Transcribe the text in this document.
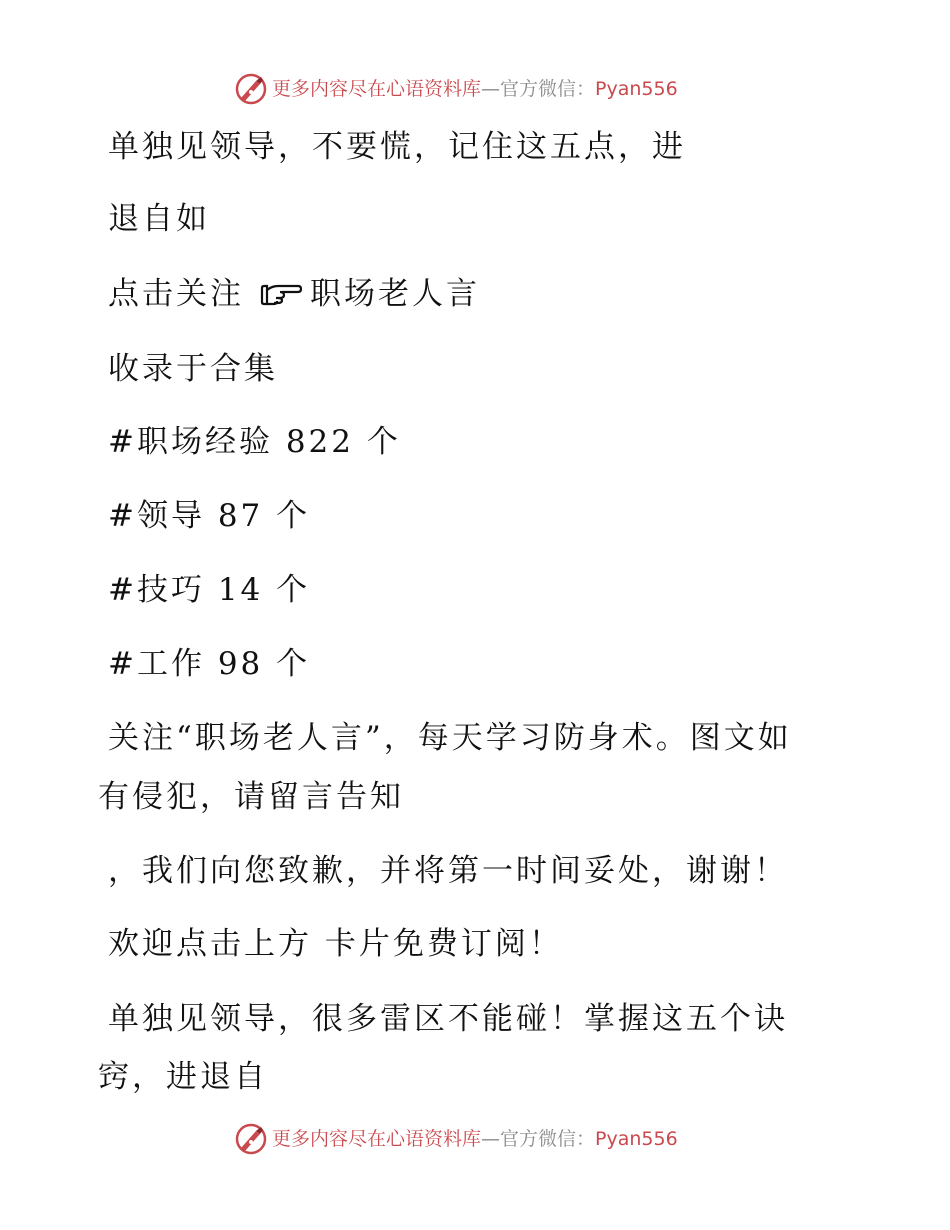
更多内容尽在心语资料库—官方微信：Pyan556
单独见领导，不要慌，记住这五点，进
退自如
点击关注 职场老人言
收录于合集
#职场经验 822 个
#领导 87 个
#技巧 14 个
#工作 98 个
关注“职场老人言”，每天学习防身术。图文如
有侵犯，请留言告知
，我们向您致歉，并将第一时间妥处，谢谢！
欢迎点击上方 卡片免费订阅！
单独见领导，很多雷区不能碰！掌握这五个诀
窍，进退自
更多内容尽在心语资料库—官方微信：Pyan556
